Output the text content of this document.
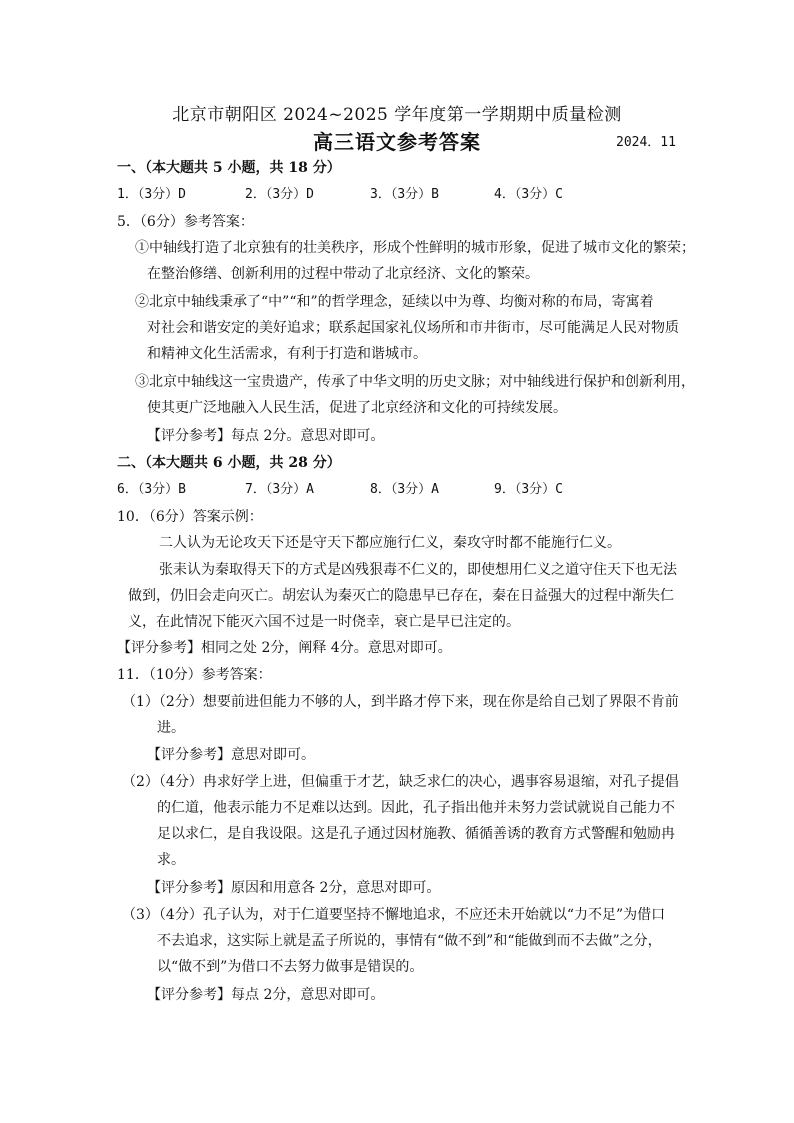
北京市朝阳区 2024~2025 学年度第一学期期中质量检测
高三语文参考答案	2024．11
一、（本大题共 5 小题，共 18 分）
1．（3分）D	2．（3分）D	3．（3分）B	4．（3分）C
5．（6分）参考答案：
①中轴线打造了北京独有的壮美秩序，形成个性鲜明的城市形象，促进了城市文化的繁荣；
在整治修缮、创新利用的过程中带动了北京经济、文化的繁荣。
②北京中轴线秉承了“中”“和”的哲学理念，延续以中为尊、均衡对称的布局，寄寓着
对社会和谐安定的美好追求；联系起国家礼仪场所和市井街市，尽可能满足人民对物质
和精神文化生活需求，有利于打造和谐城市。
③北京中轴线这一宝贵遗产，传承了中华文明的历史文脉；对中轴线进行保护和创新利用，
使其更广泛地融入人民生活，促进了北京经济和文化的可持续发展。
【评分参考】每点 2分。意思对即可。
二、（本大题共 6 小题，共 28 分）
6．（3分）B	7．（3分）A	8．（3分）A	9．（3分）C
10．（6分）答案示例：
二人认为无论攻天下还是守天下都应施行仁义，秦攻守时都不能施行仁义。
张耒认为秦取得天下的方式是凶残狠毒不仁义的，即使想用仁义之道守住天下也无法
做到，仍旧会走向灭亡。胡宏认为秦灭亡的隐患早已存在，秦在日益强大的过程中渐失仁
义，在此情况下能灭六国不过是一时侥幸，衰亡是早已注定的。
【评分参考】相同之处 2分，阐释 4分。意思对即可。
11．（10分）参考答案：
（1）（2分）想要前进但能力不够的人，到半路才停下来，现在你是给自己划了界限不肯前
进。
【评分参考】意思对即可。
（2）（4分）冉求好学上进，但偏重于才艺，缺乏求仁的决心，遇事容易退缩，对孔子提倡
的仁道，他表示能力不足难以达到。因此，孔子指出他并未努力尝试就说自己能力不
足以求仁，是自我设限。这是孔子通过因材施教、循循善诱的教育方式警醒和勉励冉
求。
【评分参考】原因和用意各 2分，意思对即可。
（3）（4分）孔子认为，对于仁道要坚持不懈地追求，不应还未开始就以“力不足”为借口
不去追求，这实际上就是孟子所说的，事情有“做不到”和“能做到而不去做”之分，
以“做不到”为借口不去努力做事是错误的。
【评分参考】每点 2分，意思对即可。
